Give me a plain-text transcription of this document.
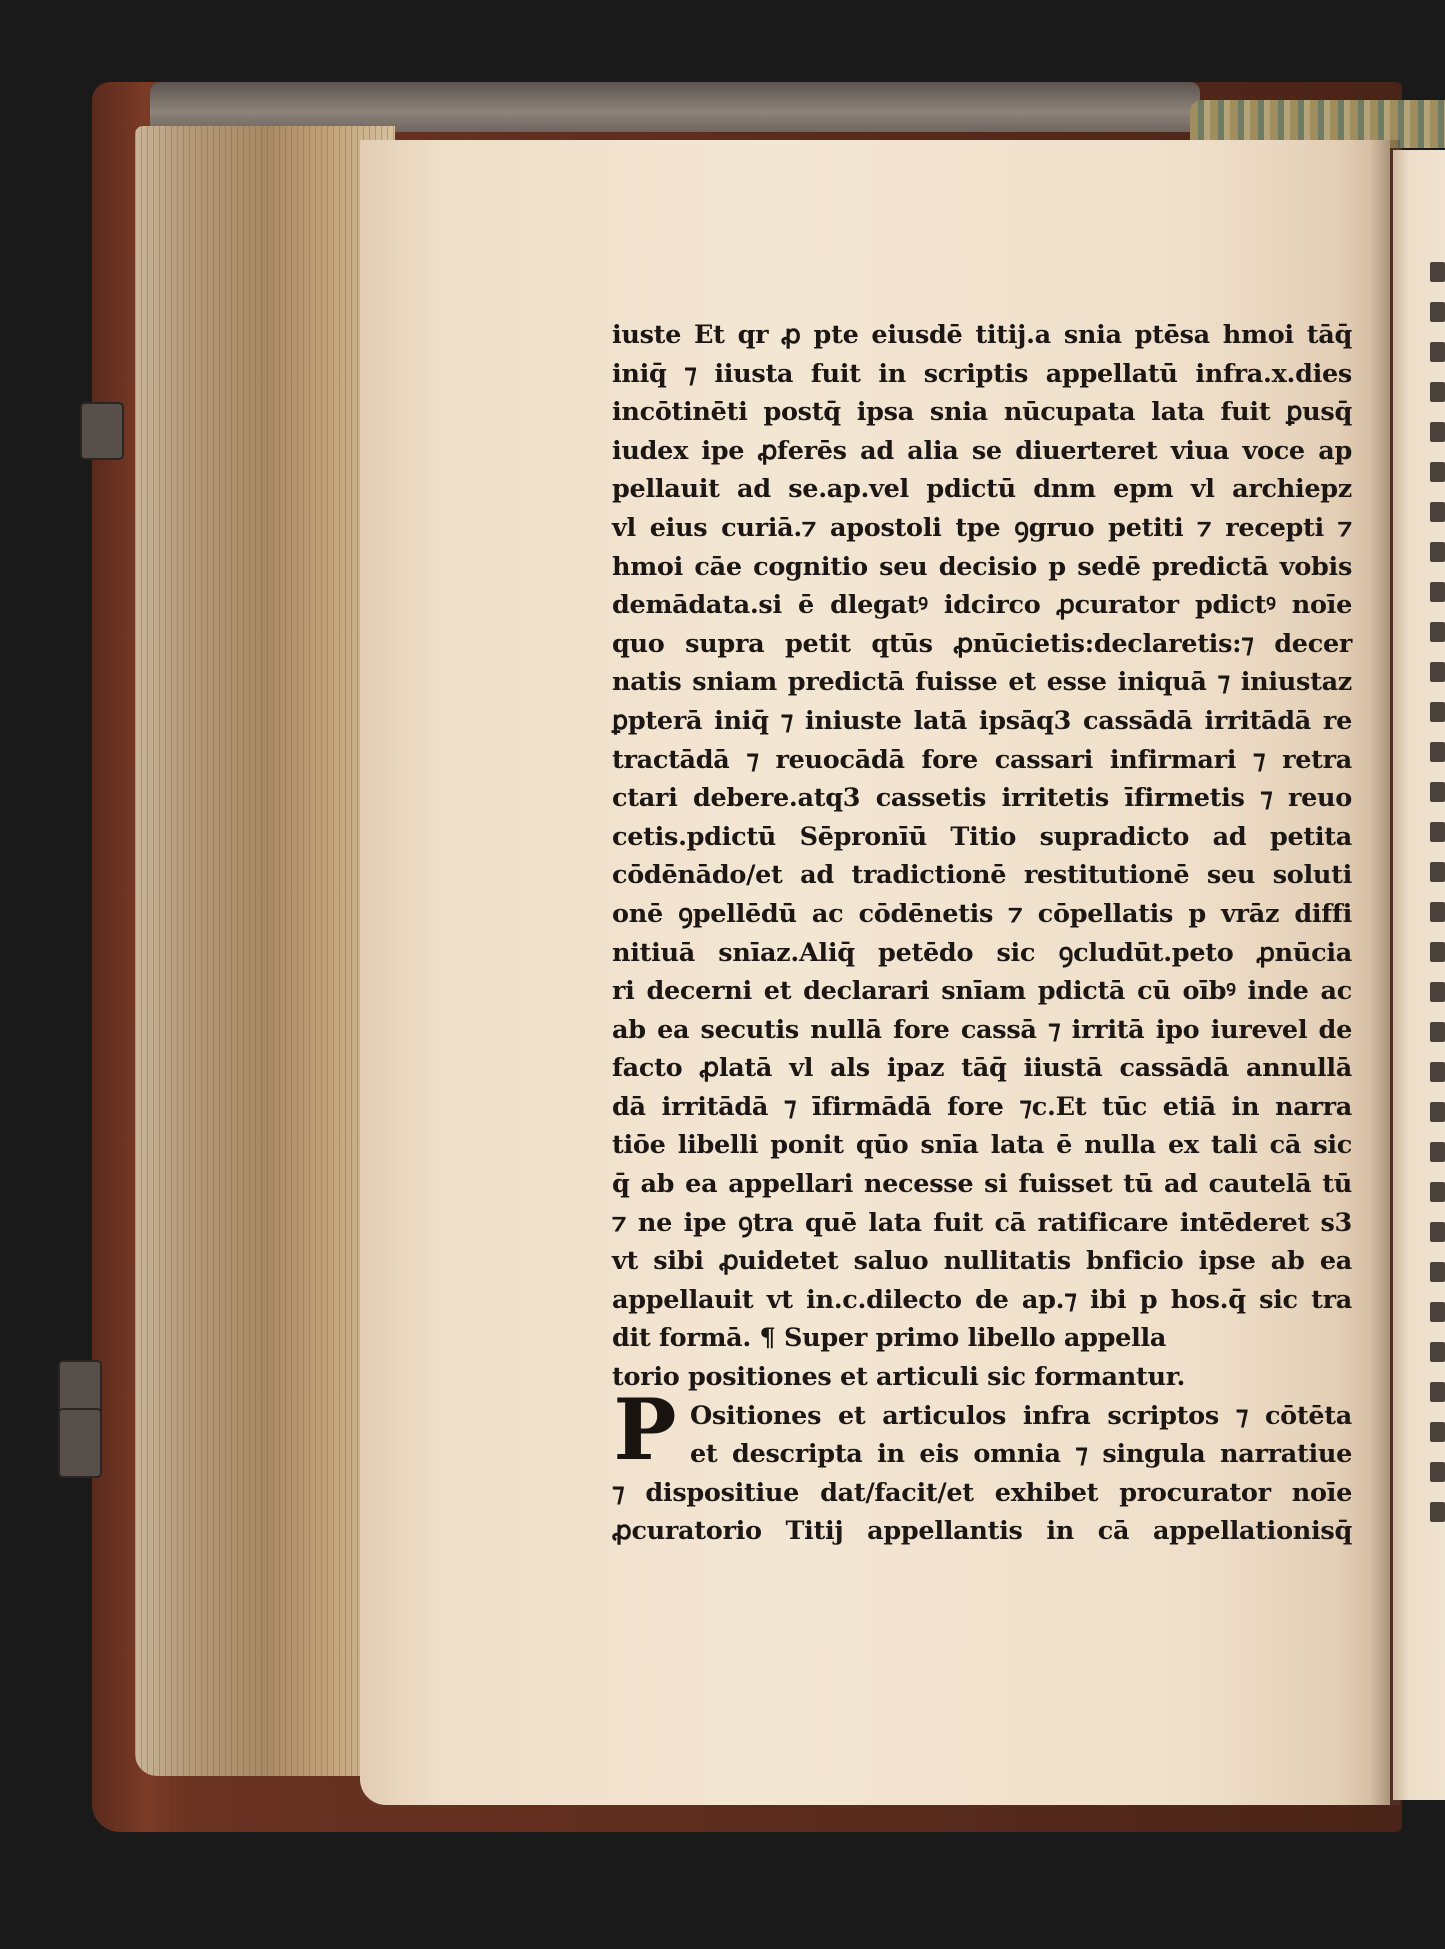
P
iuste Et qr ꝓ pte eiusdē titij.a snia ptēsa hmoi tāq̄
iniq̄ ⁊ iiusta fuit in scriptis appellatū infra.x.dies
incōtinēti postq̄ ipsa snia nūcupata lata fuit ꝑusq̄
iudex ipe ꝓferēs ad alia se diuerteret viua voce ap
pellauit ad se.ap.vel pdictū dnm epm vl archiepz
vl eius curiā.⁊ apostoli tpe ꝯgruo petiti ⁊ recepti ⁊
hmoi cāe cognitio seu decisio p sedē predictā vobis
demādata.si ē dlegatꝰ idcirco ꝓcurator pdictꝰ noīe
quo supra petit qtūs ꝓnūcietis:declaretis:⁊ decer
natis sniam predictā fuisse et esse iniquā ⁊ iniustaz
ꝑpterā iniq̄ ⁊ iniuste latā ipsāq3 cassādā irritādā re
tractādā ⁊ reuocādā fore cassari infirmari ⁊ retra
ctari debere.atq3 cassetis irritetis īfirmetis ⁊ reuo
cetis.pdictū Sēpronīū Titio supradicto ad petita
cōdēnādo/et ad tradictionē restitutionē seu soluti
onē ꝯpellēdū ac cōdēnetis ⁊ cōpellatis p vrāz diffi
nitiuā snīaz.Aliq̄ petēdo sic ꝯcludūt.peto ꝓnūcia
ri decerni et declarari snīam pdictā cū oībꝰ inde ac
ab ea secutis nullā fore cassā ⁊ irritā ipo iurevel de
facto ꝓlatā vl als ipaz tāq̄ iiustā cassādā annullā
dā irritādā ⁊ īfirmādā fore ⁊c.Et tūc etiā in narra
tiōe libelli ponit qūo snīa lata ē nulla ex tali cā sic
q̄ ab ea appellari necesse si fuisset tū ad cautelā tū
⁊ ne ipe ꝯtra quē lata fuit cā ratificare intēderet s3
vt sibi ꝓuidetet saluo nullitatis bnficio ipse ab ea
appellauit vt in.c.dilecto de ap.⁊ ibi p hos.q̄ sic tra
dit formā. ¶ Super primo libello appella
torio positiones et articuli sic formantur.
Ositiones et articulos infra scriptos ⁊ cōtēta
et descripta in eis omnia ⁊ singula narratiue
⁊ dispositiue dat/facit/et exhibet procurator noīe
ꝓcuratorio Titij appellantis in cā appellationisq̄
